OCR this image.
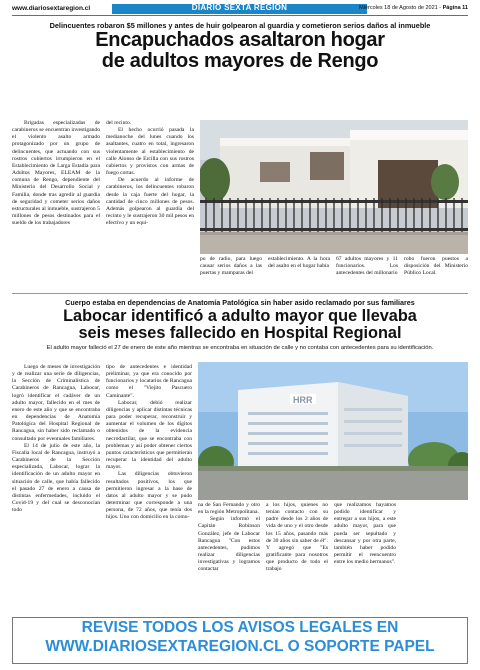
www.diariosextaregion.cl	DIARIO SEXTA REGIÓN	Miércoles 18 de Agosto de 2021 - Página 11
Delincuentes robaron $5 millones y antes de huir golpearon al guardia y cometieron serios daños al inmueble
Encapuchados asaltaron hogar
de adultos mayores de Rengo

Brigadas especializadas de carabineros se encuentran investigando el violento asalto armado protagonizado por un grupo de delincuentes, que actuando con sus rostros cubiertos irrumpieron en el Establecimiento de Larga Estadía para Adultos Mayores, ELEAM de la comuna de Rengo, dependiente del Ministerio del Desarrollo Social y Familia, donde tras agredir al guardia de seguridad y cometer serios daños estructurales al inmueble, sustrajeron 5 millones de pesos destinados para el sueldo de los trabajadores

del recinto.

El hecho ocurrió pasada la medianoche del lunes cuando los asaltantes, cuatro en total, ingresaron violentamente al establecimiento de calle Alonso de Ercilla con sus rostros cubiertos y provistos con armas de fuego cortas.

De acuerdo al informe de carabineros, los delincuentes robaron desde la caja fuerte del hogar, la cantidad de cinco millones de pesos. Además golpearon al guardia del recinto y le sustrajeron 30 mil pesos en efectivo y un equi-

po de radio, para luego causar serios daños a las puertas y mamparas del

establecimiento. A la hora del asalto en el hogar había

67 adultos mayores y 11 funcionarios. Los antecedentes del millonario

robo fueron puestos a disposición del Ministerio Público Local.

Cuerpo estaba en dependencias de Anatomía Patológica sin haber asido reclamado por sus familiares
Labocar identificó a adulto mayor que llevaba
seis meses fallecido en Hospital Regional
El adulto mayor falleció el 27 de enero de este año mientras se encontraba en situación de calle y no contaba con antecedentes para su identificación.

Luego de meses de investigación y de realizar una serie de diligencias, la Sección de Criminalística de Carabineros de Rancagua, Labocar, logró identificar el cadáver de un adulto mayor, fallecido en el mes de enero de este año y que se encontraba en dependencias de Anatomía Patológica del Hospital Regional de Rancagua, sin haber sido reclamado o consultado por eventuales familiares.

El 14 de julio de este año, la Fiscalía local de Rancagua, instruyó a Carabineros de la Sección especializada, Labocar, lograr la identificación de un adulto mayor en situación de calle, que había fallecido el pasado 27 de enero a causa de distintas enfermedades, incluido el Covid-19 y del cual se desconocían todo

tipo de antecedentes e identidad preliminar, ya que era conocido por funcionarios y locatarios de Rancagua como el "Viejito Pascuero Caminante".

Labocar, debió realizar diligencias y aplicar distintas técnicas para poder recuperar, reconstruir y aumentar el volumen de los dígitos obtenidos de la evidencia necrodactilar, que se encontraba con problemas y así poder obtener ciertos puntos característicos que permitieran recuperar la identidad del adulto mayor.

Las diligencias obtuvieron resultados positivos, los que permitieron ingresar a la base de datos al adulto mayor y se pudo determinar que corresponde a una persona, de 72 años, que tenía dos hijos. Uno con domicilio en la comu-

HRR

na de San Fernando y otro en la región Metropolitana.

Según informó el Capitán Robinson González, jefe de Labocar Rancagua "Con estos antecedentes, pudimos realizar diligencias investigativas y logramos contactar

a los hijos, quienes no tenían contacto con su padre desde los 2 años de vida de uno y el otro desde los 15 años, pasando más de 30 años sin saber de él". Y agregó que "Es gratificante para nosotros que producto de todo el trabajo

que realizamos hayamos podido identificar y entregar a sus hijos, a este adulto mayor, para que pueda ser sepultado y descansar y por otra parte, también haber podido permitir el reencuentro entre los medio hermanos".

REVISE TODOS LOS AVISOS LEGALES EN
WWW.DIARIOSEXTAREGION.CL O SOPORTE PAPEL
